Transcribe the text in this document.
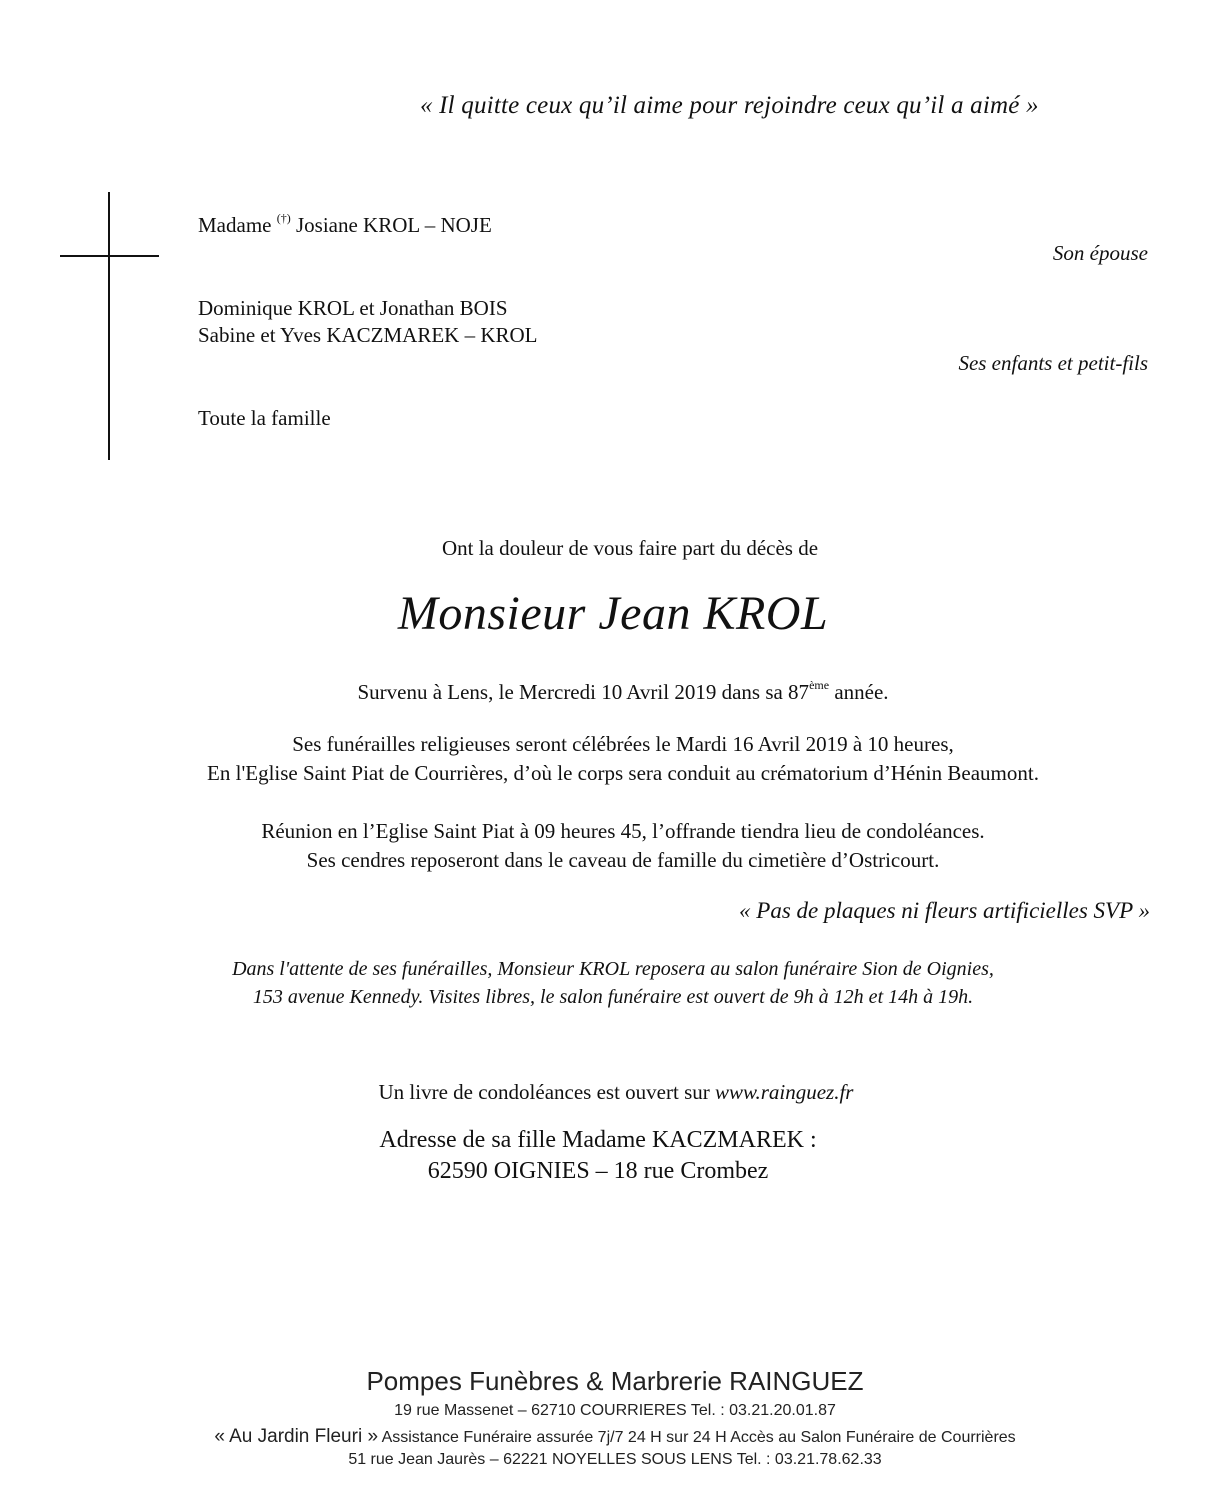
« Il quitte ceux qu’il aime pour rejoindre ceux qu’il a aimé »
Madame (†) Josiane KROL – NOJE
Son épouse
Dominique KROL et Jonathan BOIS
Sabine et Yves KACZMAREK – KROL
Ses enfants et petit-fils
Toute la famille
Ont la douleur de vous faire part du décès de
Monsieur Jean KROL
Survenu à Lens, le Mercredi 10 Avril 2019 dans sa 87ème année.
Ses funérailles religieuses seront célébrées le Mardi 16 Avril 2019 à 10 heures,
En l'Eglise Saint Piat de Courrières, d’où le corps sera conduit au crématorium d’Hénin Beaumont.
Réunion en l’Eglise Saint Piat à 09 heures 45, l’offrande tiendra lieu de condoléances.
Ses cendres reposeront dans le caveau de famille du cimetière d’Ostricourt.
« Pas de plaques ni fleurs artificielles SVP »
Dans l'attente de ses funérailles, Monsieur KROL reposera au salon funéraire Sion de Oignies,
153 avenue Kennedy. Visites libres, le salon funéraire est ouvert de 9h à 12h et 14h à 19h.
Un livre de condoléances est ouvert sur www.rainguez.fr
Adresse de sa fille Madame KACZMAREK :
62590 OIGNIES – 18 rue Crombez
Pompes Funèbres & Marbrerie RAINGUEZ
19 rue Massenet – 62710 COURRIERES Tel. : 03.21.20.01.87
« Au Jardin Fleuri » Assistance Funéraire assurée 7j/7 24 H sur 24 H Accès au Salon Funéraire de Courrières
51 rue Jean Jaurès – 62221 NOYELLES SOUS LENS Tel. : 03.21.78.62.33
